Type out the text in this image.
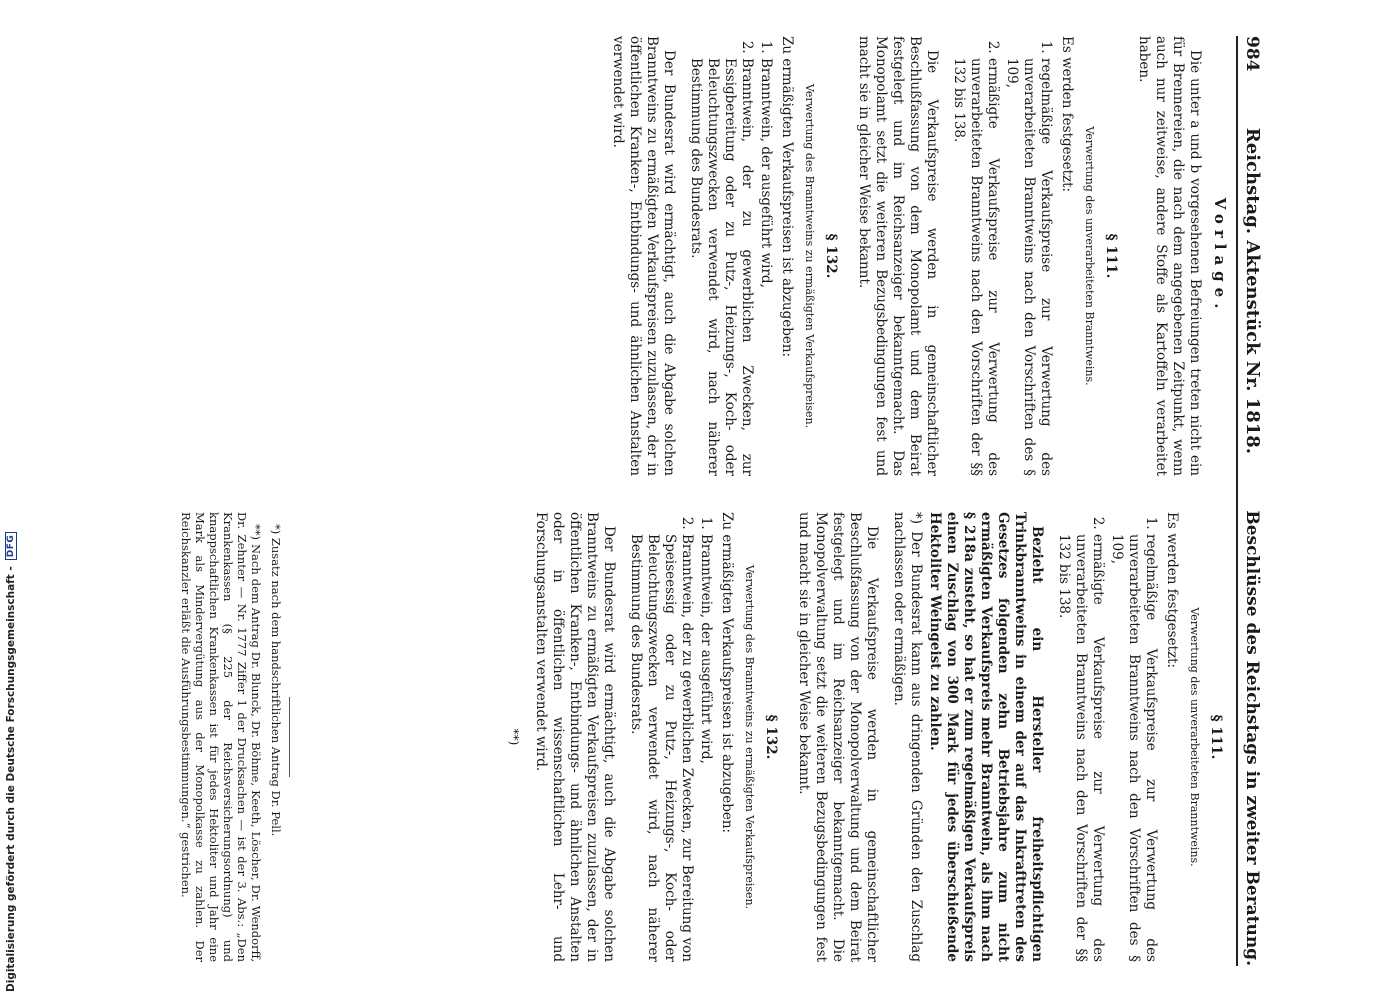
Digitalisierung gefördert durch die Deutsche Forschungsgemeinschaft -
DFG
984
Reichstag. Aktenstück Nr. 1818.
Beschlüsse des Reichstags in zweiter Beratung.
Vorlage.

Die unter a und b vorgesehenen Befreiungen treten nicht ein für Brennereien, die nach dem angegebenen Zeitpunkt, wenn auch nur zeitweise, andere Stoffe als Kartoffeln verarbeitet haben.

§ 111.
Verwertung des unverarbeiteten Branntweins.

Es werden festgesetzt:

1. regelmäßige Verkaufspreise zur Verwertung des unverarbeiteten Branntweins nach den Vorschriften des § 109,
2. ermäßigte Verkaufspreise zur Verwertung des unverarbeiteten Branntweins nach den Vorschriften der §§ 132 bis 138.

Die Verkaufspreise werden in gemeinschaftlicher Beschlußfassung von dem Monopolamt und dem Beirat festgelegt und im Reichsanzeiger bekanntgemacht. Das Monopolamt setzt die weiteren Bezugsbedingungen fest und macht sie in gleicher Weise bekannt.

§ 132.
Verwertung des Branntweins zu ermäßigten Verkaufspreisen.

Zu ermäßigten Verkaufspreisen ist abzugeben:

1. Branntwein, der ausgeführt wird,
2. Branntwein, der zu gewerblichen Zwecken, zur Essigbereitung oder zu Putz-, Heizungs-, Koch- oder Beleuchtungszwecken verwendet wird, nach näherer Bestimmung des Bundesrats.

Der Bundesrat wird ermächtigt, auch die Abgabe solchen Branntweins zu ermäßigten Verkaufspreisen zuzulassen, der in öffentlichen Kranken-, Entbindungs- und ähnlichen Anstalten verwendet wird.

§ 111.
Verwertung des unverarbeiteten Branntweins.

Es werden festgesetzt:

1. regelmäßige Verkaufspreise zur Verwertung des unverarbeiteten Branntweins nach den Vorschriften des § 109,
2. ermäßigte Verkaufspreise zur Verwertung des unverarbeiteten Branntweins nach den Vorschriften der §§ 132 bis 138.

Bezieht ein Hersteller freiheitspflichtigen Trinkbranntweins in einem der auf das Inkrafttreten des Gesetzes folgenden zehn Betriebsjahre zum nicht ermäßigten Verkaufspreis mehr Branntwein, als ihm nach § 218a zusteht, so hat er zum regelmäßigen Verkaufspreis einen Zuschlag von 300 Mark für jedes überschießende Hektoliter Weingeist zu zahlen.

*) Der Bundesrat kann aus dringenden Gründen den Zuschlag nachlassen oder ermäßigen.

Die Verkaufspreise werden in gemeinschaftlicher Beschlußfassung von der Monopolverwaltung und dem Beirat festgelegt und im Reichsanzeiger bekanntgemacht. Die Monopolverwaltung setzt die weiteren Bezugsbedingungen fest und macht sie in gleicher Weise bekannt.

§ 132.
Verwertung des Branntweins zu ermäßigten Verkaufspreisen.

Zu ermäßigten Verkaufspreisen ist abzugeben:

1. Branntwein, der ausgeführt wird,
2. Branntwein, der zu gewerblichen Zwecken, zur Bereitung von Speiseessig oder zu Putz-, Heizungs-, Koch- oder Beleuchtungszwecken verwendet wird, nach näherer Bestimmung des Bundesrats.

Der Bundesrat wird ermächtigt, auch die Abgabe solchen Branntweins zu ermäßigten Verkaufspreisen zuzulassen, der in öffentlichen Kranken-, Entbindungs- und ähnlichen Anstalten oder in öffentlichen wissenschaftlichen Lehr- und Forschungsanstalten verwendet wird.

**)

*) Zusatz nach dem handschriftlichen Antrag Dr. Pell.

**) Nach dem Antrag Dr. Blunck, Dr. Böhme, Keeth, Löscher, Dr. Wendorff, Dr. Zehnter — Nr. 1777 Ziffer 1 der Drucksachen — ist der 3. Abs.: „Den Krankenkassen (§ 225 der Reichsversicherungsordnung) und knappschaftlichen Krankenkassen ist für jedes Hektoliter und Jahr eine Mark als Mindervergütung aus der Monopolkasse zu zahlen. Der Reichskanzler erläßt die Ausführungsbestimmungen.“ gestrichen.
